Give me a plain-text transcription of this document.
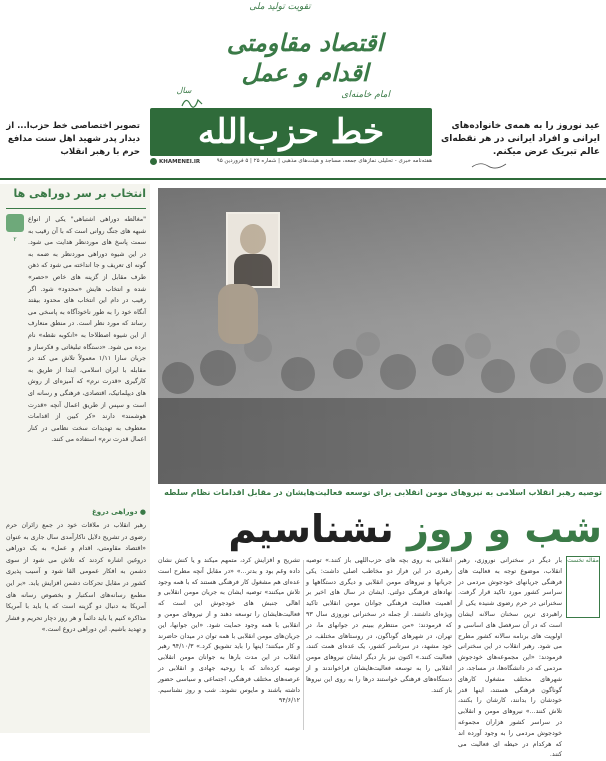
تقویت تولید ملی
اقتصاد مقاومتی اقدام و عمل
امام خامنه‌ای
سال
عید نوروز را به همه‌ی خانواده‌های ایرانی و افراد ایرانی در هر نقطه‌ای عالم تبریک عرض میکنم.
تصویر اختصاصی خط حزب‌ا... از دیدار پدر شهید اهل سنت مدافع حرم با رهبر انقلاب	خط حزب‌الله
هفته‌نامه خبری - تحلیلی نمازهای جمعه، مساجد و هیئت‌های مذهبی | شماره ۲۵ | ۵ فروردین ۹۵
KHAMENEI.IR
انتخاب بر سر دوراهی ها
۲
"مغالطه دوراهی اشتباهی" یکی از انواع شبهه های جنگ روانی است که با آن رقیب به سمت پاسخ های موردنظر هدایت می شود. در این شیوه دوراهی موردنظر به ضمه به گونه ای تعریف و جا انداخته می شود که ذهن طرف مقابل از گزینه های خاص «حصر» شده و انتخاب هایش «محدود» شود. اگر رقیب در دام این انتخاب های محدود بیفتد آنگاه خود را به طور ناخودآگاه به پاسخی می رساند که مورد نظر است. در منطق منعارف از این شیوه اصطلاحا به «انکوبه نقطه» نام برده می شود. «دستگاه تبلیغاتی و فکرساز و جریان سازا ۱/۱۱ معمولاً تلاش می کند در مقابله با ایران اسلامی، ابتدا از طریق به کارگیری «قدرت نرم» که آمیزه‌ای از روش های دیپلماتیک، اقتصادی، فرهنگی و رسانه ای است و سپس از طریق اعمال آنچه «قدرت هوشمند» دارند «کر کبین از اقدامات معطوف به تهدیدات سخت نظامی در کنار اعمال قدرت نرم» استفاده می کنند.
● دوراهی دروغ
رهبر انقلاب در ملاقات خود در جمع زائران حرم رضوی در تشریح دلایل ناکارآمدی سال جاری به عنوان «اقتصاد مقاومتی، اقدام و عمل» به یک دوراهی دروغین اشاره کردند که تلاش می شود از سوی دشمن به افکار عمومی القا شود و آسیب پذیری کشور در مقابل تحرکات دشمن افزایش یابد. «بر این مطمع رسانه‌های اسکتبار و بخصوص رسانه های آمریکا به دنبال دو گزینه است که یا باید با آمریکا مذاکره کنیم یا باید دائماً و هر روز دچار تحریم و فشار و تهدید باشیم. این دوراهی دروغ است.»
توصیه رهبر انقلاب اسلامی به نیروهای مومن انقلابی برای توسعه فعالیت‌هایشان در مقابل اقدامات نظام سلطه
شب و روز نشناسیم
بار دیگر در سخنرانی نوروزی، رهبر انقلاب، موضوع توجه به فعالیت های فرهنگی جریانهای خودجوش مردمی در سراسر کشور مورد تاکید قرار گرفت. سخنرانی در حرم رضوی شنیده یکی از راهبردی ترین سخنان سالانه ایشان است که در آن سرفصل های اساسی و اولویت های برنامه سالانه کشور مطرح می شود. رهبر انقلاب در این سخنرانی فرمودند: «این مجموعه‌های خودجوش مردمی که در دانشگاه‌ها، در مساجد، در شهرهای مختلف مشغول کارهای گوناگون فرهنگی هستند، اینها قدر خودشان را بدانند، کارشان را بکنند، تلاش کنند...» نیروهای مومن و انقلابی در سراسر کشور هزاران مجموعه خودجوش مردمی را به وجود آورده اند که هرکدام در حیطه ای فعالیت می کنند.
مقاله نخست
انقلابی به روی بچه های حزب‌اللهی باز کنند.» توصیه رهبری در این فراز دو مخاطب اصلی داشت: یکی جریانها و نیروهای مومن انقلابی و دیگری دستگاهها و نهادهای فرهنگی دولتی. ایشان در سال های اخیر بر اهمیت فعالیت فرهنگی جوانان مومن انقلابی تاکید ویژه‌ای داشتند. از جمله در سخنرانی نوروزی سال ۹۳ که فرمودند: «من منتظرم ببینم در جوانهای ما، در تهران، در شهرهای گوناگون، در روستاهای مختلف، در خود مشهد، در سرتاسر کشور، یک عده‌ای همت کنند، فعالیت کنند.» اکنون نیز بار دیگر ایشان نیروهای مومن انقلابی را به توسعه فعالیت‌هایشان فراخواندند و از دستگاه‌های فرهنگی خواستند درها را به روی این نیروها باز کنند.
تشریح و افزایش کرد، متمهم میکند و یا کنش نشان داده وغم بود و بدتر...» «در مقابل آنچه مطرح است عده‌ای هم مشغول کار فرهنگی هستند که با همه وجود تلاش میکنند» توصیه ایشان به جریان مومن انقلابی و اهالی جنبش های خودجوش این است که فعالیت‌هایشان را توسعه دهند و از نیروهای مومن و انقلابی با همه وجود حمایت شود. «این جوانها، این جریان‌های مومن انقلابی با همه توان در میدان حاضرند و کار میکنند؛ اینها را باید تشویق کرد.» ۹۴/۱۰/۳ رهبر انقلاب در این مدت بارها به جوانان مومن انقلابی توصیه کرده‌اند که با روحیه جهادی و انقلابی در عرصه‌های مختلف فرهنگی، اجتماعی و سیاسی حضور داشته باشند و مایوس نشوند. شب و روز نشناسیم. ۹۴/۶/۱۲
